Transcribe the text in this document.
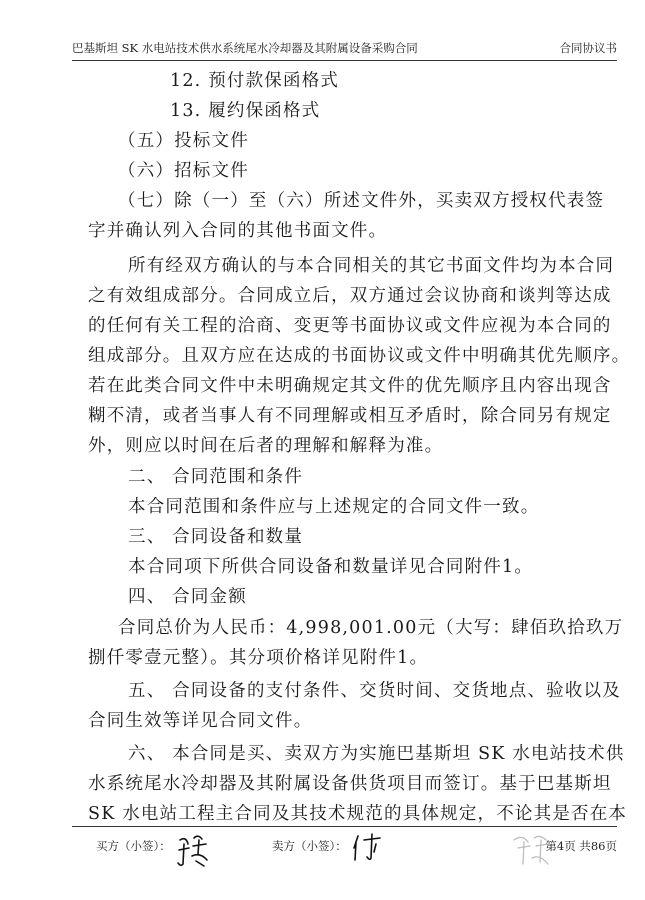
巴基斯坦 SK 水电站技术供水系统尾水冷却器及其附属设备采购合同	合同协议书
12. 预付款保函格式
13. 履约保函格式
（五）投标文件
（六）招标文件
（七）除（一）至（六）所述文件外，买卖双方授权代表签
字并确认列入合同的其他书面文件。
所有经双方确认的与本合同相关的其它书面文件均为本合同
之有效组成部分。合同成立后，双方通过会议协商和谈判等达成
的任何有关工程的洽商、变更等书面协议或文件应视为本合同的
组成部分。且双方应在达成的书面协议或文件中明确其优先顺序。
若在此类合同文件中未明确规定其文件的优先顺序且内容出现含
糊不清，或者当事人有不同理解或相互矛盾时，除合同另有规定
外，则应以时间在后者的理解和解释为准。
二、 合同范围和条件
本合同范围和条件应与上述规定的合同文件一致。
三、 合同设备和数量
本合同项下所供合同设备和数量详见合同附件1。
四、 合同金额
合同总价为人民币：4,998,001.00元（大写：肆佰玖拾玖万
捌仟零壹元整）。其分项价格详见附件1。
五、 合同设备的支付条件、交货时间、交货地点、验收以及
合同生效等详见合同文件。
六、 本合同是买、卖双方为实施巴基斯坦 SK 水电站技术供
水系统尾水冷却器及其附属设备供货项目而签订。基于巴基斯坦
SK 水电站工程主合同及其技术规范的具体规定，不论其是否在本
买方（小签）：	卖方（小签）：	第4页 共86页
